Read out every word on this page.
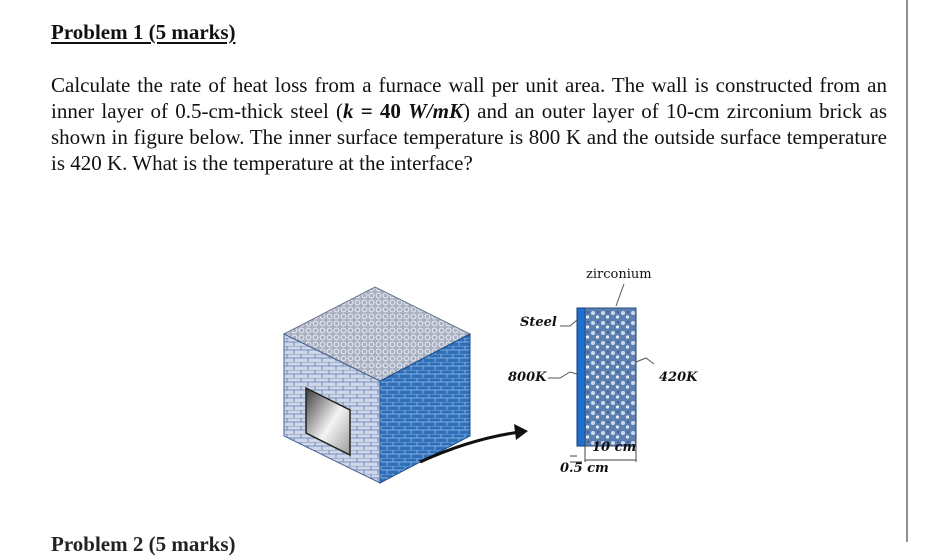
Problem 1 (5 marks)
Calculate the rate of heat loss from a furnace wall per unit area. The wall is constructed from an inner layer of 0.5-cm-thick steel (k = 40 W/mK) and an outer layer of 10-cm zirconium brick as shown in figure below. The inner surface temperature is 800 K and the outside surface temperature is 420 K. What is the temperature at the interface?
zirconium
Steel
800K	420K
10 cm
0.5 cm
Problem 2 (5 marks)
